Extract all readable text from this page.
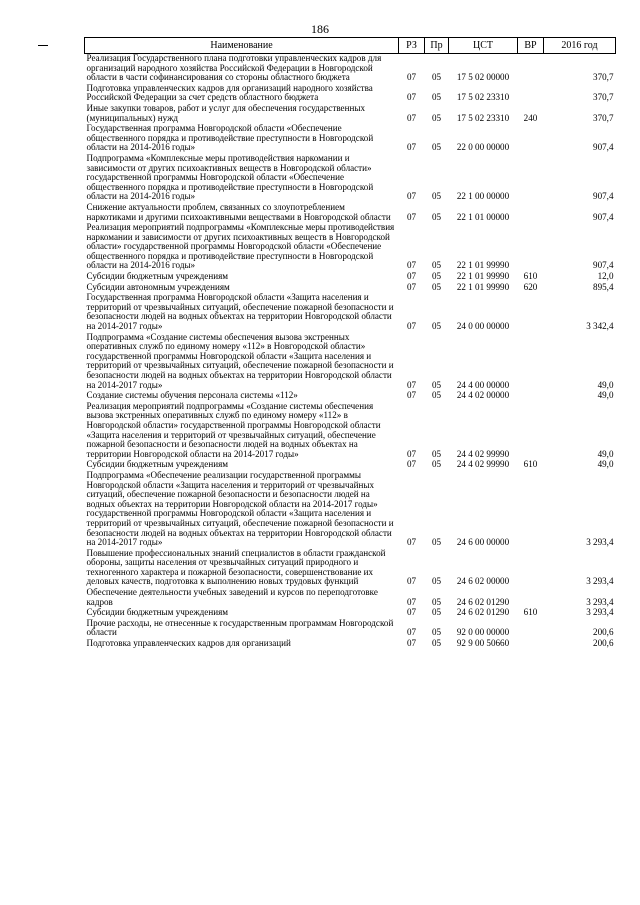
186
Наименование	РЗ	Пр	ЦСТ	ВР	2016 год
Реализация Государственного плана подготовки управленческих кадров для организаций народного хозяйства Российской Федерации в Новгородской области в части софинансирования со стороны областного бюджета	07	05	17 5 02 00000		370,7
Подготовка управленческих кадров для организаций народного хозяйства Российской Федерации за счет средств областного бюджета	07	05	17 5 02 23310		370,7
Иные закупки товаров, работ и услуг для обеспечения государственных (муниципальных) нужд	07	05	17 5 02 23310	240	370,7
Государственная программа Новгородской области «Обеспечение общественного порядка и противодействие преступности в Новгородской области на 2014-2016 годы»	07	05	22 0 00 00000		907,4
Подпрограмма «Комплексные меры противодействия наркомании и зависимости от других психоактивных веществ в Новгородской области» государственной программы Новгородской области «Обеспечение общественного порядка и противодействие преступности в Новгородской области на 2014-2016 годы»	07	05	22 1 00 00000		907,4
Снижение актуальности проблем, связанных со злоупотреблением наркотиками и другими психоактивными веществами в Новгородской области	07	05	22 1 01 00000		907,4
Реализация мероприятий подпрограммы «Комплексные меры противодействия наркомании и зависимости от других психоактивных веществ в Новгородской области» государственной программы Новгородской области «Обеспечение общественного порядка и противодействие преступности в Новгородской области на 2014-2016 годы»	07	05	22 1 01 99990		907,4
Субсидии бюджетным учреждениям	07	05	22 1 01 99990	610	12,0
Субсидии автономным учреждениям	07	05	22 1 01 99990	620	895,4
Государственная программа Новгородской области «Защита населения и территорий от чрезвычайных ситуаций, обеспечение пожарной безопасности и безопасности людей на водных объектах на территории Новгородской области на 2014-2017 годы»	07	05	24 0 00 00000		3 342,4
Подпрограмма «Создание системы обеспечения вызова экстренных оперативных служб по единому номеру «112» в Новгородской области» государственной программы Новгородской области «Защита населения и территорий от чрезвычайных ситуаций, обеспечение пожарной безопасности и безопасности людей на водных объектах на территории Новгородской области на 2014-2017 годы»	07	05	24 4 00 00000		49,0
Создание системы обучения персонала системы «112»	07	05	24 4 02 00000		49,0
Реализация мероприятий подпрограммы «Создание системы обеспечения вызова экстренных оперативных служб по единому номеру «112» в Новгородской области» государственной программы Новгородской области «Защита населения и территорий от чрезвычайных ситуаций, обеспечение пожарной безопасности и безопасности людей на водных объектах на территории Новгородской области на 2014-2017 годы»	07	05	24 4 02 99990		49,0
Субсидии бюджетным учреждениям	07	05	24 4 02 99990	610	49,0
Подпрограмма «Обеспечение реализации государственной программы Новгородской области «Защита населения и территорий от чрезвычайных ситуаций, обеспечение пожарной безопасности и безопасности людей на водных объектах на территории Новгородской области на 2014-2017 годы» государственной программы Новгородской области «Защита населения и территорий от чрезвычайных ситуаций, обеспечение пожарной безопасности и безопасности людей на водных объектах на территории Новгородской области на 2014-2017 годы»	07	05	24 6 00 00000		3 293,4
Повышение профессиональных знаний специалистов в области гражданской обороны, защиты населения от чрезвычайных ситуаций природного и техногенного характера и пожарной безопасности, совершенствование их деловых качеств, подготовка к выполнению новых трудовых функций	07	05	24 6 02 00000		3 293,4
Обеспечение деятельности учебных заведений и курсов по переподготовке кадров	07	05	24 6 02 01290		3 293,4
Субсидии бюджетным учреждениям	07	05	24 6 02 01290	610	3 293,4
Прочие расходы, не отнесенные к государственным программам Новгородской области	07	05	92 0 00 00000		200,6
Подготовка управленческих кадров для организаций	07	05	92 9 00 50660		200,6
